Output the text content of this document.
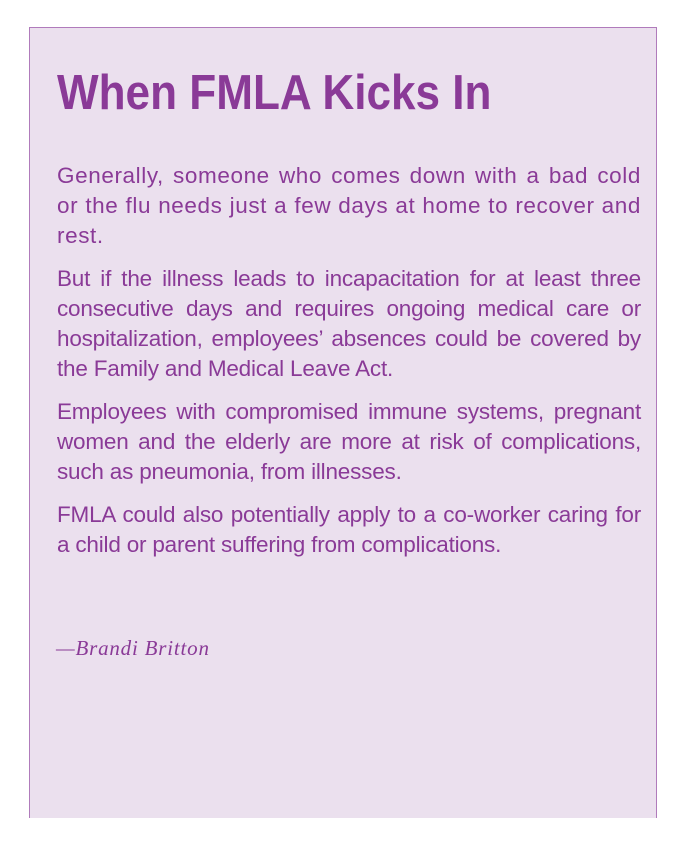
When FMLA Kicks In

Generally, someone who comes down with a bad cold or the flu needs just a few days at home to recover and rest.

But if the illness leads to incapacitation for at least three consecutive days and requires ongoing medical care or hospitalization, employees’ absences could be covered by the Family and Medical Leave Act.

Employees with compromised immune systems, pregnant women and the elderly are more at risk of complications, such as pneumonia, from illnesses.

FMLA could also potentially apply to a co-worker caring for a child or parent suffering from complications.

—Brandi Britton
